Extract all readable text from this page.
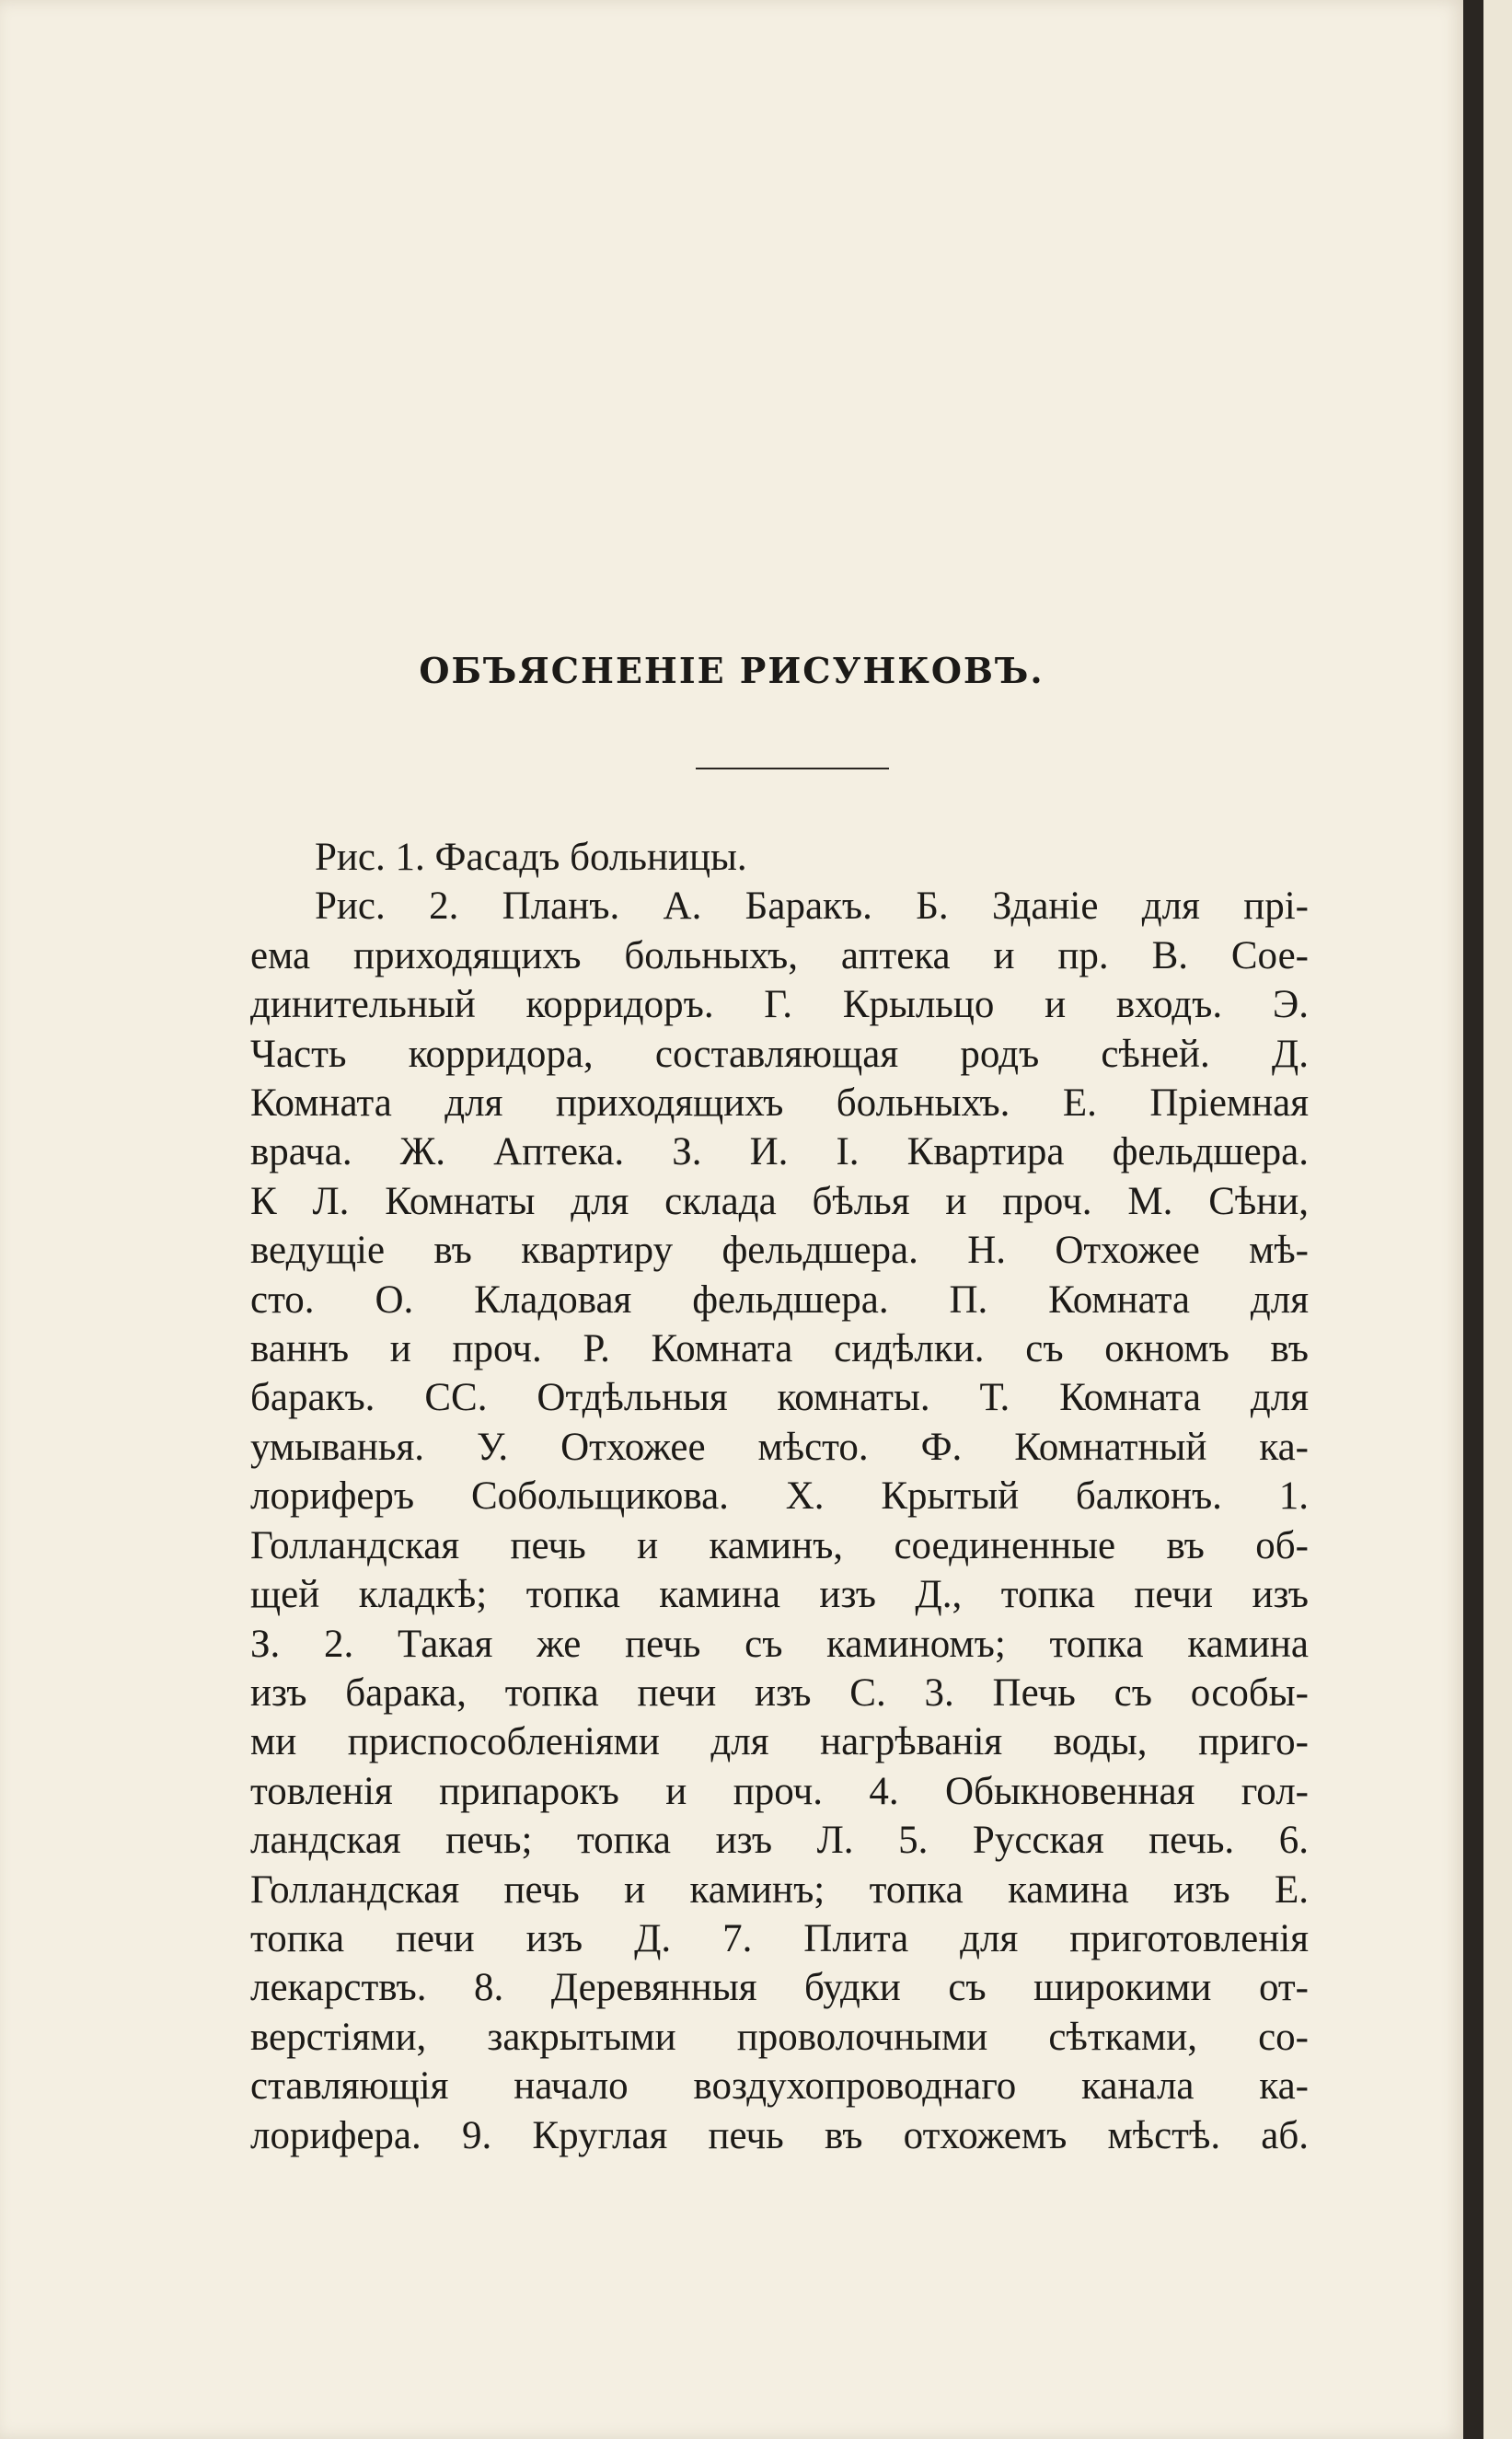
ОБЪЯСНЕНІЕ РИСУНКОВЪ.
Рис. 1. Фасадъ больницы.
Рис. 2. Планъ. А. Баракъ. Б. Зданіе для прі-
ема приходящихъ больныхъ, аптека и пр. В. Сое-
динительный корридоръ. Г. Крыльцо и входъ. Э.
Часть корридора, составляющая родъ сѣней. Д.
Комната для приходящихъ больныхъ. Е. Пріемная
врача. Ж. Аптека. З. И. І. Квартира фельдшера.
К Л. Комнаты для склада бѣлья и проч. М. Сѣни,
ведущіе въ квартиру фельдшера. Н. Отхожее мѣ-
сто. О. Кладовая фельдшера. П. Комната для
ваннъ и проч. Р. Комната сидѣлки. съ окномъ въ
баракъ. СС. Отдѣльныя комнаты. Т. Комната для
умыванья. У. Отхожее мѣсто. Ф. Комнатный ка-
лориферъ Собольщикова. Х. Крытый балконъ. 1.
Голландская печь и каминъ, соединенные въ об-
щей кладкѣ; топка камина изъ Д., топка печи изъ
З. 2. Такая же печь съ каминомъ; топка камина
изъ барака, топка печи изъ С. 3. Печь съ особы-
ми приспособленіями для нагрѣванія воды, приго-
товленія припарокъ и проч. 4. Обыкновенная гол-
ландская печь; топка изъ Л. 5. Русская печь. 6.
Голландская печь и каминъ; топка камина изъ Е.
топка печи изъ Д. 7. Плита для приготовленія
лекарствъ. 8. Деревянныя будки съ широкими от-
верстіями, закрытыми проволочными сѣтками, со-
ставляющія начало воздухопроводнаго канала ка-
лорифера. 9. Круглая печь въ отхожемъ мѣстѣ. аб.
